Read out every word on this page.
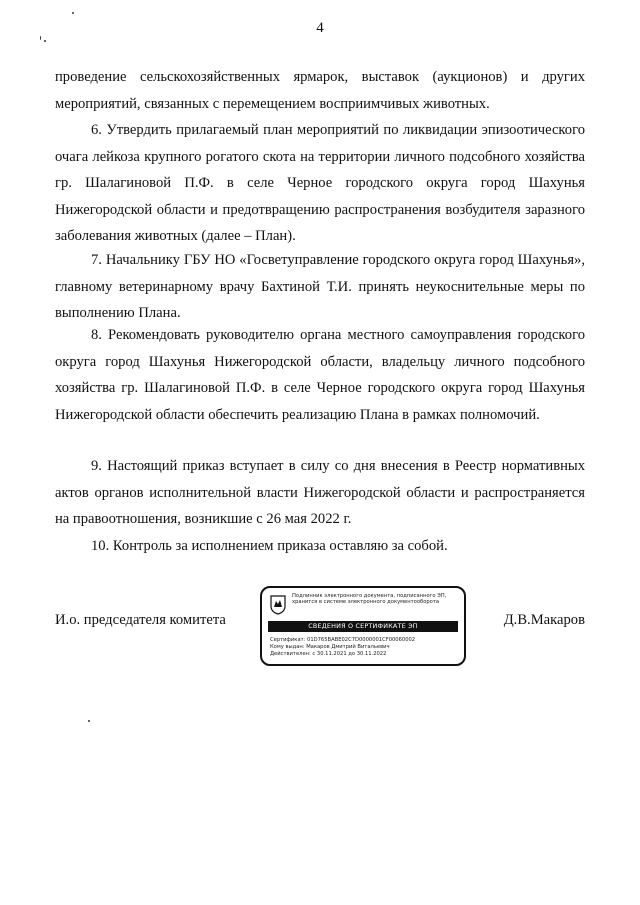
4

проведение сельскохозяйственных ярмарок, выставок (аукционов) и других мероприятий, связанных с перемещением восприимчивых животных.

6. Утвердить прилагаемый план мероприятий по ликвидации эпизоотического очага лейкоза крупного рогатого скота на территории личного подсобного хозяйства гр. Шалагиновой П.Ф. в селе Черное городского округа город Шахунья Нижегородской области и предотвращению распространения возбудителя заразного заболевания животных (далее – План).

7. Начальнику ГБУ НО «Госветуправление городского округа город Шахунья», главному ветеринарному врачу Бахтиной Т.И. принять неукоснительные меры по выполнению Плана.

8. Рекомендовать руководителю органа местного самоуправления городского округа город Шахунья Нижегородской области, владельцу личного подсобного хозяйства гр. Шалагиновой П.Ф. в селе Черное городского округа город Шахунья Нижегородской области обеспечить реализацию Плана в рамках полномочий.

9. Настоящий приказ вступает в силу со дня внесения в Реестр нормативных актов органов исполнительной власти Нижегородской области и распространяется на правоотношения, возникшие с 26 мая 2022 г.

10. Контроль за исполнением приказа оставляю за собой.

И.о. председателя комитета	Д.В.Макаров
Подлинник электронного документа, подписанного ЭП, хранится в системе электронного документооборота
СВЕДЕНИЯ О СЕРТИФИКАТЕ ЭП
Сертификат: 01D765BABE02C7D0000001CF00060002
Кому выдан: Макаров Дмитрий Витальевич
Действителен: с 30.11.2021 до 30.11.2022
